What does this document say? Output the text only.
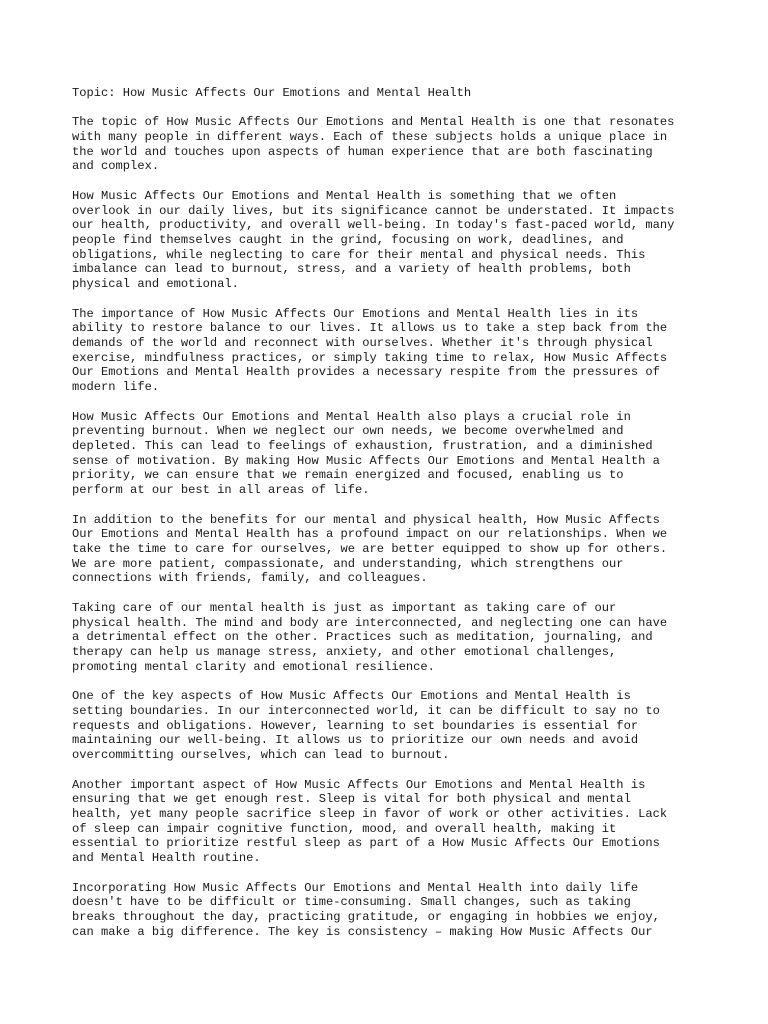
Topic: How Music Affects Our Emotions and Mental Health

The topic of How Music Affects Our Emotions and Mental Health is one that resonates
with many people in different ways. Each of these subjects holds a unique place in
the world and touches upon aspects of human experience that are both fascinating
and complex.

How Music Affects Our Emotions and Mental Health is something that we often
overlook in our daily lives, but its significance cannot be understated. It impacts
our health, productivity, and overall well-being. In today's fast-paced world, many
people find themselves caught in the grind, focusing on work, deadlines, and
obligations, while neglecting to care for their mental and physical needs. This
imbalance can lead to burnout, stress, and a variety of health problems, both
physical and emotional.

The importance of How Music Affects Our Emotions and Mental Health lies in its
ability to restore balance to our lives. It allows us to take a step back from the
demands of the world and reconnect with ourselves. Whether it's through physical
exercise, mindfulness practices, or simply taking time to relax, How Music Affects
Our Emotions and Mental Health provides a necessary respite from the pressures of
modern life.

How Music Affects Our Emotions and Mental Health also plays a crucial role in
preventing burnout. When we neglect our own needs, we become overwhelmed and
depleted. This can lead to feelings of exhaustion, frustration, and a diminished
sense of motivation. By making How Music Affects Our Emotions and Mental Health a
priority, we can ensure that we remain energized and focused, enabling us to
perform at our best in all areas of life.

In addition to the benefits for our mental and physical health, How Music Affects
Our Emotions and Mental Health has a profound impact on our relationships. When we
take the time to care for ourselves, we are better equipped to show up for others.
We are more patient, compassionate, and understanding, which strengthens our
connections with friends, family, and colleagues.

Taking care of our mental health is just as important as taking care of our
physical health. The mind and body are interconnected, and neglecting one can have
a detrimental effect on the other. Practices such as meditation, journaling, and
therapy can help us manage stress, anxiety, and other emotional challenges,
promoting mental clarity and emotional resilience.

One of the key aspects of How Music Affects Our Emotions and Mental Health is
setting boundaries. In our interconnected world, it can be difficult to say no to
requests and obligations. However, learning to set boundaries is essential for
maintaining our well-being. It allows us to prioritize our own needs and avoid
overcommitting ourselves, which can lead to burnout.

Another important aspect of How Music Affects Our Emotions and Mental Health is
ensuring that we get enough rest. Sleep is vital for both physical and mental
health, yet many people sacrifice sleep in favor of work or other activities. Lack
of sleep can impair cognitive function, mood, and overall health, making it
essential to prioritize restful sleep as part of a How Music Affects Our Emotions
and Mental Health routine.

Incorporating How Music Affects Our Emotions and Mental Health into daily life
doesn't have to be difficult or time-consuming. Small changes, such as taking
breaks throughout the day, practicing gratitude, or engaging in hobbies we enjoy,
can make a big difference. The key is consistency – making How Music Affects Our
